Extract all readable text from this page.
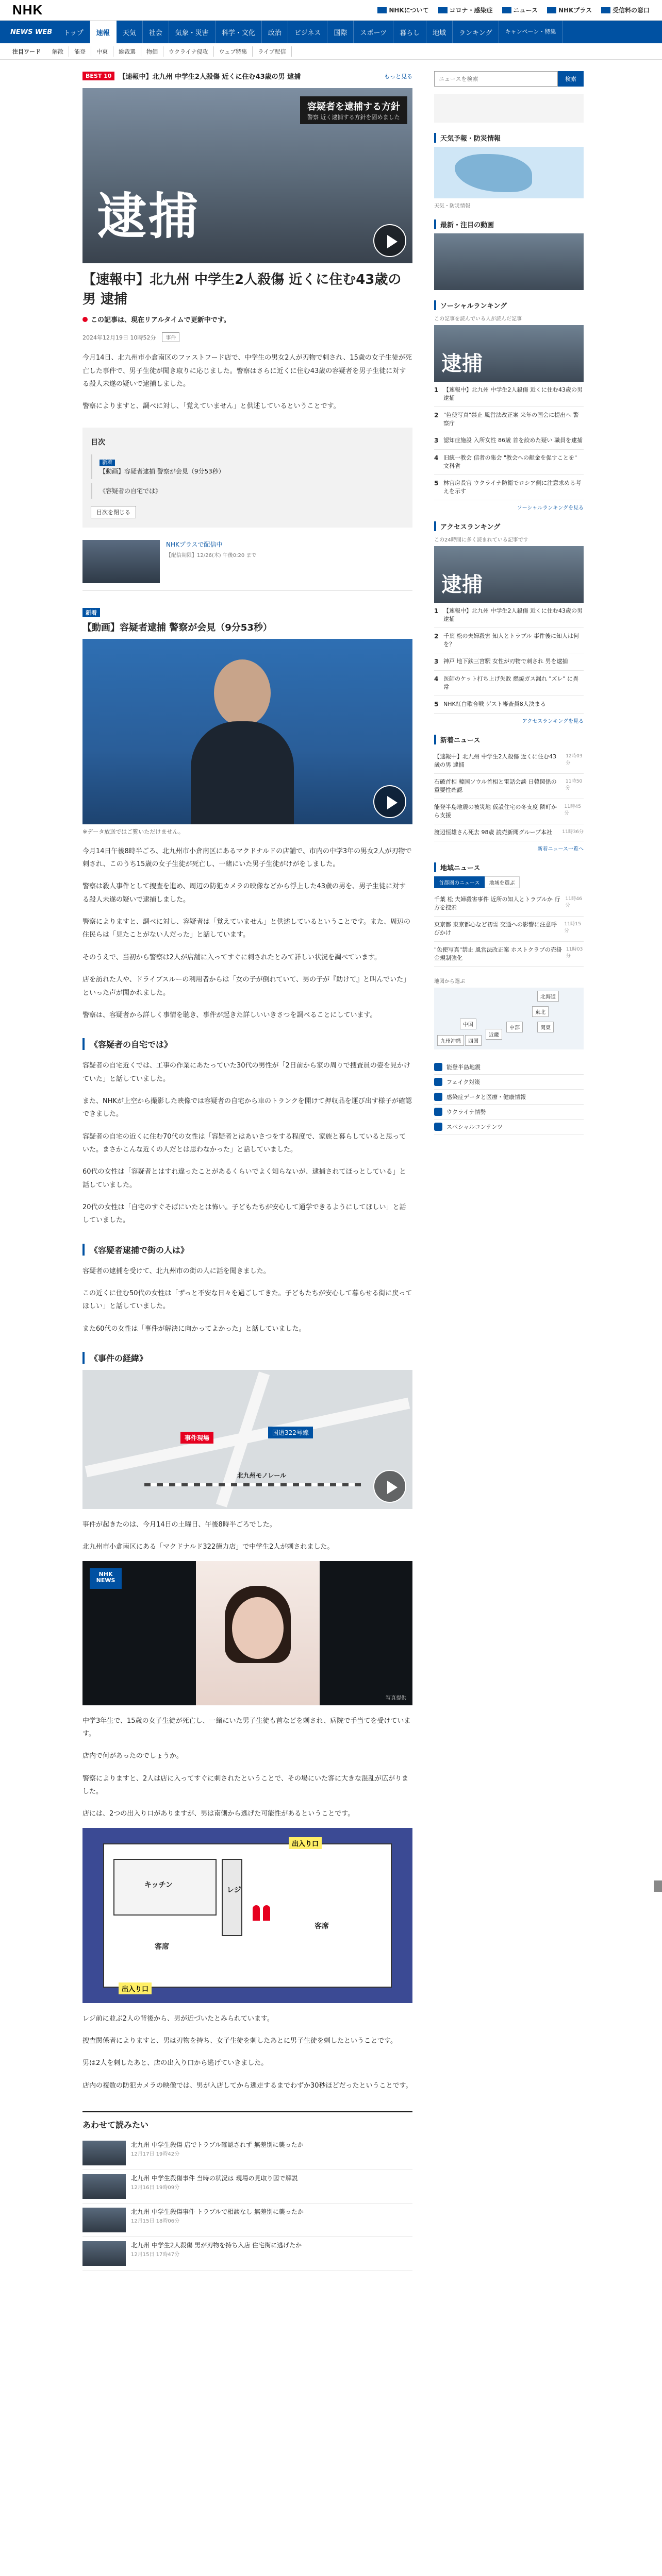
NHK	NHKについて	コロナ・感染症	ニュース	NHKプラス	受信料の窓口
NEWS WEB	トップ	速報	天気	社会	気象・災害	科学・文化	政治	ビジネス	国際	スポーツ	暮らし	地域	ランキング	キャンペーン・特集
注目ワード	解散	能登	中東	総裁選	物価	ウクライナ侵攻	ウェブ特集	ライブ配信
BEST 10	【速報中】北九州 中学生2人殺傷 近くに住む43歳の男 逮捕	もっと見る
容疑者を逮捕する方針
警察 近く逮捕する方針を固めました
逮捕
【速報中】北九州 中学生2人殺傷 近くに住む43歳の男 逮捕
この記事は、現在リアルタイムで更新中です。
2024年12月19日 10時52分	事件

今月14日、北九州市小倉南区のファストフード店で、中学生の男女2人が刃物で刺され、15歳の女子生徒が死亡した事件で、男子生徒が聞き取りに応じました。警察はさらに近くに住む43歳の容疑者を男子生徒に対する殺人未遂の疑いで逮捕しました。

警察によりますと、調べに対し、「覚えていません」と供述しているということです。

目次
新着
【動画】容疑者逮捕 警察が会見（9分53秒）
《容疑者の自宅では》
目次を閉じる
NHKプラスで配信中
【配信期限】12/26(木) 午後0:20 まで
新着
【動画】容疑者逮捕 警察が会見（9分53秒）
※データ放送ではご覧いただけません。

今月14日午後8時半ごろ、北九州市小倉南区にあるマクドナルドの店舗で、市内の中学3年の男女2人が刃物で刺され、このうち15歳の女子生徒が死亡し、一緒にいた男子生徒がけがをしました。

警察は殺人事件として捜査を進め、周辺の防犯カメラの映像などから浮上した43歳の男を、男子生徒に対する殺人未遂の疑いで逮捕しました。

警察によりますと、調べに対し、容疑者は「覚えていません」と供述しているということです。また、周辺の住民らは「見たことがない人だった」と話しています。

そのうえで、当初から警察は2人が店舗に入ってすぐに刺されたとみて詳しい状況を調べています。

店を訪れた人や、ドライブスルーの利用者からは「女の子が倒れていて、男の子が『助けて』と叫んでいた」といった声が聞かれました。

警察は、容疑者から詳しく事情を聴き、事件が起きた詳しいいきさつを調べることにしています。

《容疑者の自宅では》

容疑者の自宅近くでは、工事の作業にあたっていた30代の男性が「2日前から家の周りで捜査員の姿を見かけていた」と話していました。

また、NHKが上空から撮影した映像では容疑者の自宅から車のトランクを開けて押収品を運び出す様子が確認できました。

容疑者の自宅の近くに住む70代の女性は「容疑者とはあいさつをする程度で、家族と暮らしていると思っていた。まさかこんな近くの人だとは思わなかった」と話していました。

60代の女性は「容疑者とはすれ違ったことがあるくらいでよく知らないが、逮捕されてほっとしている」と話していました。

20代の女性は「自宅のすぐそばにいたとは怖い。子どもたちが安心して通学できるようにしてほしい」と話していました。

《容疑者逮捕で街の人は》

容疑者の逮捕を受けて、北九州市の街の人に話を聞きました。

この近くに住む50代の女性は「ずっと不安な日々を過ごしてきた。子どもたちが安心して暮らせる街に戻ってほしい」と話していました。

また60代の女性は「事件が解決に向かってよかった」と話していました。

《事件の経緯》
事件現場
国道322号線
北九州モノレール

事件が起きたのは、今月14日の土曜日、午後8時半ごろでした。

北九州市小倉南区にある「マクドナルド322徳力店」で中学生2人が刺されました。

NHK NEWS
写真提供

中学3年生で、15歳の女子生徒が死亡し、一緒にいた男子生徒も首などを刺され、病院で手当てを受けています。

店内で何があったのでしょうか。

警察によりますと、2人は店に入ってすぐに刺されたということで、その場にいた客に大きな混乱が広がりました。

店には、2つの出入り口がありますが、男は南側から逃げた可能性があるということです。

キッチン
レジ
客席
客席
出入り口
出入り口

レジ前に並ぶ2人の背後から、男が近づいたとみられています。

捜査関係者によりますと、男は刃物を持ち、女子生徒を刺したあとに男子生徒を刺したということです。

男は2人を刺したあと、店の出入り口から逃げていきました。

店内の複数の防犯カメラの映像では、男が入店してから逃走するまでわずか30秒ほどだったということです。

あわせて読みたい
北九州 中学生殺傷 店でトラブル確認されず 無差別に襲ったか
12月17日 19時42分
北九州 中学生殺傷事件 当時の状況は 現場の見取り図で解説
12月16日 19時09分
北九州 中学生殺傷事件 トラブルで相談なし 無差別に襲ったか
12月15日 18時06分
北九州 中学生2人殺傷 男が刃物を持ち入店 住宅街に逃げたか
12月15日 17時47分
ニュースを検索
検索
天気予報・防災情報
天気・防災情報
最新・注目の動画
ソーシャルランキング
この記事を読んでいる人が読んだ記事
逮捕
1 【速報中】北九州 中学生2人殺傷 近くに住む43歳の男 逮捕
2 "色使写真"禁止 風営法改正案 来年の国会に提出へ 警察庁
3 認知症施設 入所女性 86歳 首を絞めた疑い 職員を逮捕
4 旧統一教会 信者の集会 "教会への献金を促すことを" 文科省
5 林官房長官 ウクライナ防衛でロシア側に注意求める考えを示す
ソーシャルランキングを見る
アクセスランキング
この24時間に多く読まれている記事です
逮捕
1 【速報中】北九州 中学生2人殺傷 近くに住む43歳の男 逮捕
2 千葉 松の夫婦殺害 知人とトラブル 事件後に知人は何を？
3 神戸 地下鉄三宮駅 女性が刃物で刺され 男を逮捕
4 医師のケット打ち上げ失敗 燃焼ガス漏れ "ズレ" に異常
5 NHK紅白歌合戦 ゲスト審査員8人決まる
アクセスランキングを見る
新着ニュース
【速報中】北九州 中学生2人殺傷 近くに住む43歳の男 逮捕
12時03分
石破首相 韓国ソウル首相と電話会談 日韓関係の重要性確認
11時50分
能登半島地震の被災地 仮設住宅の冬支度 隣町から支援
11時45分
渡辺恒雄さん死去 98歳 読売新聞グループ本社 11時36分
新着ニュース一覧へ
地域ニュース
首都圏のニュース	地域を選ぶ
千葉 松 夫婦殺害事件 近所の知人とトラブルか 行方を捜索
11時46分
東京都 東京都心など初雪 交通への影響に注意呼びかけ
11時15分
"色使写真"禁止 風営法改正案 ホストクラブの売掛金規制強化
11時03分
地図から選ぶ
北海道
東北
関東
中部
近畿
中国
四国
九州沖縄
能登半島地震
フェイク対策
感染症データと医療・健康情報
ウクライナ情勢
スペシャルコンテンツ
